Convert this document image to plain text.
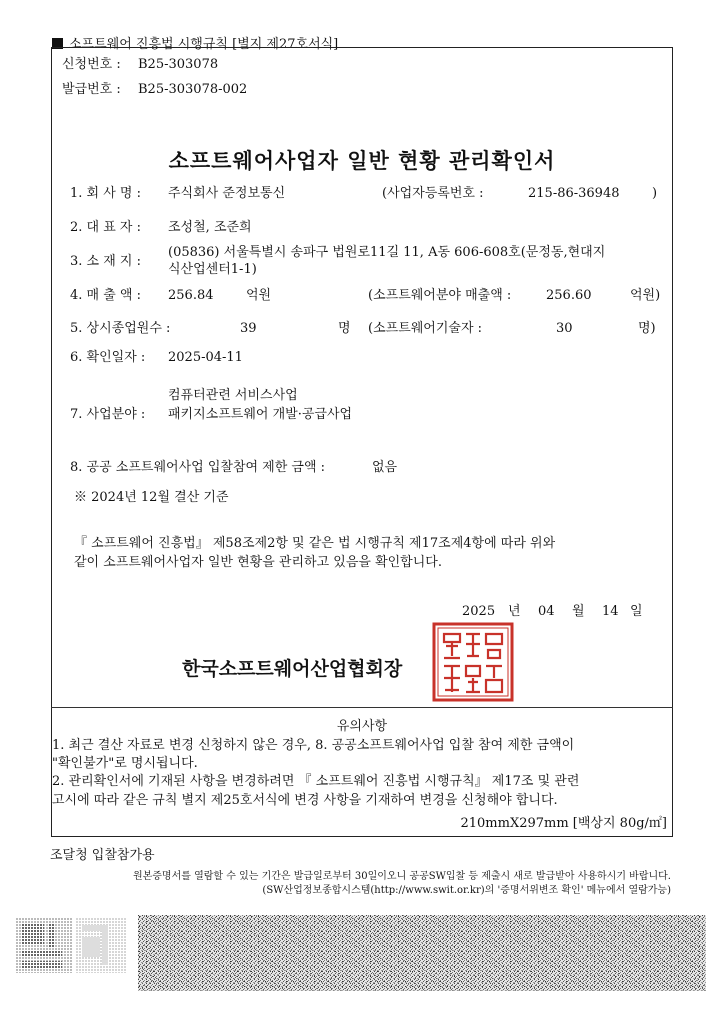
소프트웨어 진흥법 시행규칙 [별지 제27호서식]
신청번호 : B25-303078
발급번호 : B25-303078-002
소프트웨어사업자 일반 현황 관리확인서
1. 회 사 명 : 주식회사 준정보통신	(사업자등록번호 :	215-86-36948	)
2. 대 표 자 : 조성철, 조준희
3. 소 재 지 :
(05836) 서울특별시 송파구 법원로11길 11, A동 606-608호(문정동,현대지
식산업센터1-1)
4. 매 출 액 : 256.84	억원	(소프트웨어분야 매출액 :	256.60	억원)
5. 상시종업원수 :	39	명 (소프트웨어기술자 :	30	명)
6. 확인일자 : 2025-04-11
컴퓨터관련 서비스사업
7. 사업분야 : 패키지소프트웨어 개발·공급사업
8. 공공 소프트웨어사업 입찰참여 제한 금액 :	없음
※ 2024년 12월 결산 기준
『 소프트웨어 진흥법』 제58조제2항 및 같은 법 시행규칙 제17조제4항에 따라 위와
같이 소프트웨어사업자 일반 현황을 관리하고 있음을 확인합니다.
2025 년 04 월 14 일
한국소프트웨어산업협회장
유의사항
1. 최근 결산 자료로 변경 신청하지 않은 경우, 8. 공공소프트웨어사업 입찰 참여 제한 금액이
"확인불가"로 명시됩니다.
2. 관리확인서에 기재된 사항을 변경하려면 『 소프트웨어 진흥법 시행규칙』 제17조 및 관련
고시에 따라 같은 규칙 별지 제25호서식에 변경 사항을 기재하여 변경을 신청해야 합니다.
210mmX297mm [백상지 80g/㎡]
조달청 입찰참가용
원본증명서를 열람할 수 있는 기간은 발급일로부터 30일이오니 공공SW입찰 등 제출시 새로 발급받아 사용하시기 바랍니다.
(SW산업정보종합시스템(http://www.swit.or.kr)의 '증명서위변조 확인' 메뉴에서 열람가능)
